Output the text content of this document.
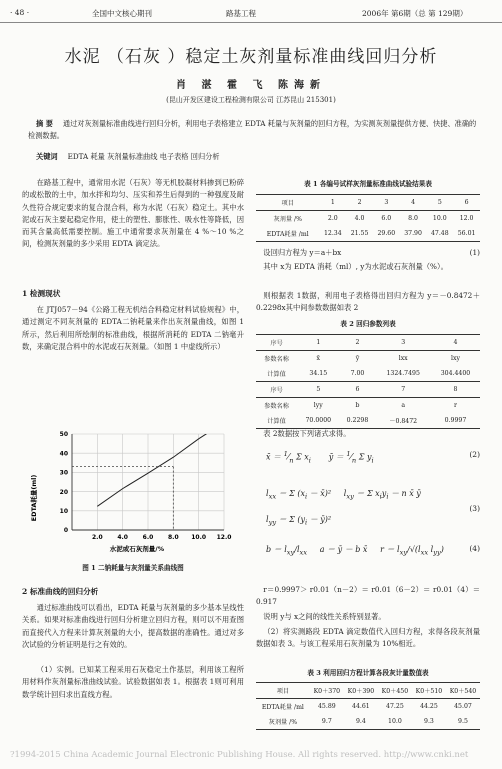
· 48 ·	全国中文核心期刊	路基工程	2006年 第6期（总 第 129期）
水泥 （石灰 ）稳定土灰剂量标准曲线回归分析
肖 湛 霍 飞 陈海新
(昆山开发区建设工程检测有限公司 江苏昆山 215301)
摘 要 通过对灰剂量标准曲线进行回归分析，利用电子表格建立 EDTA 耗量与灰剂量的回归方程，为实测灰剂量提供方便、快捷、准确的检测数据。
关键词 EDTA 耗量 灰剂量标准曲线 电子表格 回归分析
在路基工程中，通常用水泥（石灰）等无机胶凝材料掺到已粉碎的或松散的土中，加水拌和均匀、压实和养生后得到的一种强度及耐久性符合规定要求的复合混合料，称为水泥（石灰）稳定土。其中水泥或石灰主要起稳定作用，使土的塑性、膨胀性、吸水性等降低，因而其含量高低需要控制。施工中通常要求灰剂量在 4 %～10 %之间，检测灰剂量的多少采用 EDTA 滴定法。
1 检测现状
在 JTJ057－94《公路工程无机结合料稳定材料试验规程》中，通过测定不同灰剂量的 EDTA二钠耗量来作出灰剂量曲线，如图 1 所示，然后利用所绘制的标准曲线，根据所消耗的 EDTA 二钠毫升数，来确定混合料中的水泥或石灰剂量。（如图 1 中虚线所示）
0
10
20
30
40
50
2.0 4.0 6.0 8.0 10.0 12.0
EDTA耗量(ml)
水泥或石灰剂量/%
图 1 二钠耗量与灰剂量关系曲线图
2 标准曲线的回归分析
通过标准曲线可以看出，EDTA 耗量与灰剂量的多少基本呈线性关系。如果对标准曲线进行回归分析建立回归方程，则可以不用查图而直接代入方程来计算灰剂量的大小，提高数据的准确性。通过对多次试验的分析证明是行之有效的。
（1）实例。已知某工程采用石灰稳定土作基层，利用该工程所用材料作灰剂量标准曲线试验。试验数据如表 1。根据表 1则可利用数学统计回归求出直线方程。
表 1 各编号试样灰剂量标准曲线试验结果表
项目	1	2	3	4	5	6
灰剂量 /%	2.0	4.0	6.0	8.0	10.0	12.0
EDTA耗量 /ml	12.34	21.55	29.60	37.90	47.48	56.01
设回归方程为 y＝a＋bx	(1)
其中 x为 EDTA 消耗（ml）, y为水泥或石灰剂量（%）。
则根据表 1数据，利用电子表格得出回归方程为 y＝－0.8472＋0.2298x其中间参数数据如表 2
表 2 回归参数列表
序号	1	2	3	4
参数名称	x̄	ȳ	lxx	lxy
计算值	34.15	7.00	1324.7495	304.4400
序号	5	6	7	8
参数名称	lyy	b	a	r
计算值	70.0000	0.2298	－0.8472	0.9997
表 2数据按下列诸式求得。
x̄ ＝ $^1⁄_n$ Σ $x_i$       ȳ ＝ $^1⁄_n$ Σ $y_i$
$l_{xx} = \Sigma$ ($x_i$ － x̄)²     $l_{xy} = \Sigma$ $x_iy_i - n$ x̄ ȳ
$l_{yy} = \Sigma$ ($y_i$ － ȳ)²
$b = l_{xy}/l_{xx}$     a ＝ ȳ － b x̄     $r = l_{xy}/√(l_{xx}$ $l_{yy}$)
(2)
(3)
(4)
r＝0.9997＞ r0.01（n－2）＝ r0.01（6－2）＝ r0.01（4）＝0.917
说明 y与 x之间的线性关系特别显著。
（2）将实测路段 EDTA 滴定数值代入回归方程，求得各段灰剂量数据如表 3。与该工程采用石灰剂量为 10%相近。
表 3 利用回归方程计算各段灰计量数值表
项目	K0＋370	K0＋390	K0＋450	K0＋510	K0＋540
EDTA耗量 /ml	45.89	44.61	47.25	44.25	45.07
灰剂量 /%	9.7	9.4	10.0	9.3	9.5
?1994-2015 China Academic Journal Electronic Publishing House. All rights reserved. http://www.cnki.net
